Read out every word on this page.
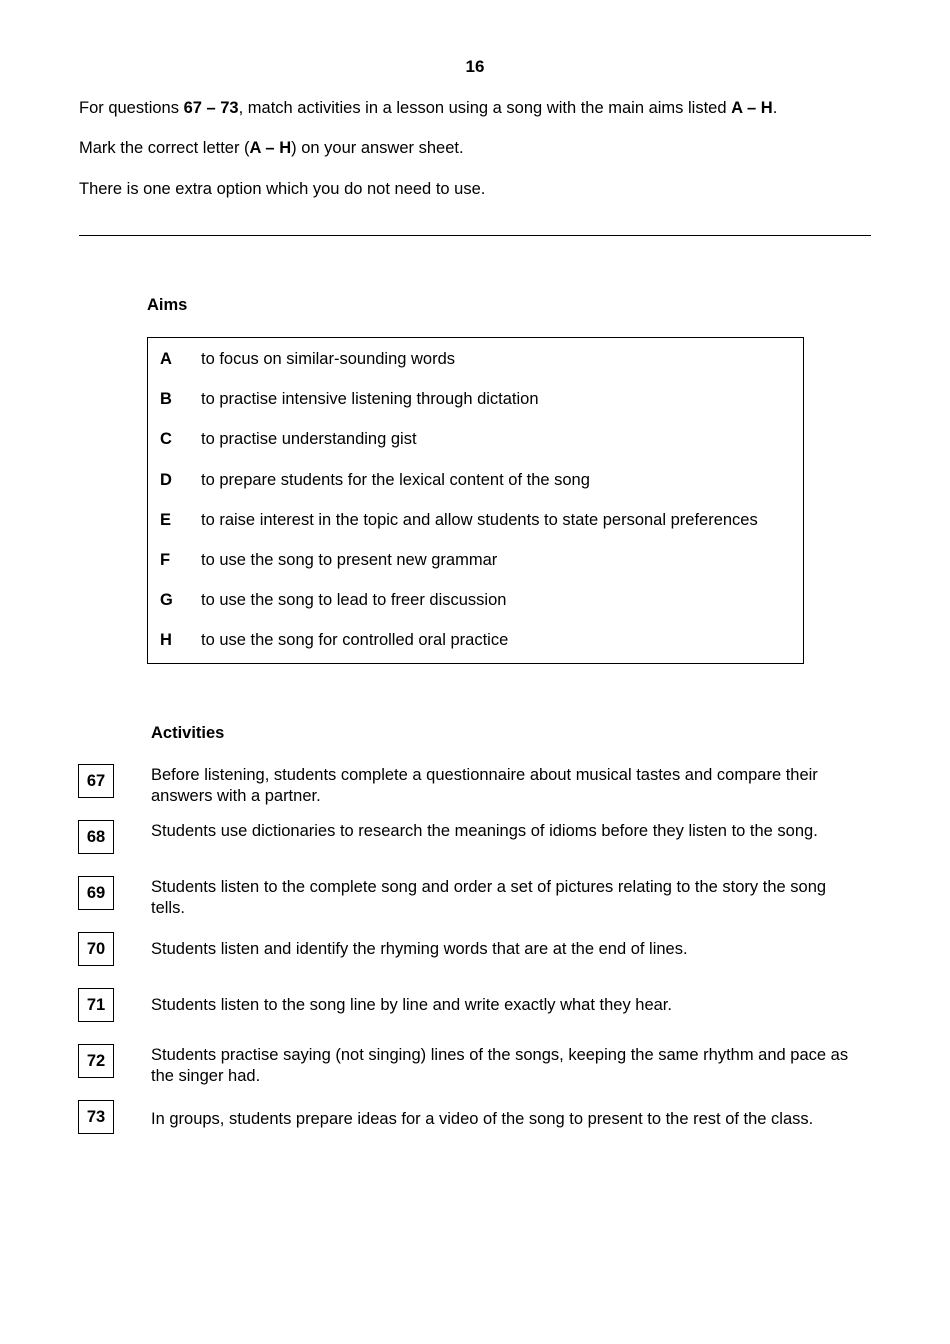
16
For questions 67 – 73, match activities in a lesson using a song with the main aims listed A – H.
Mark the correct letter (A – H) on your answer sheet.
There is one extra option which you do not need to use.
Aims
A to focus on similar-sounding words
B to practise intensive listening through dictation
C to practise understanding gist
D to prepare students for the lexical content of the song
E to raise interest in the topic and allow students to state personal preferences
F to use the song to present new grammar
G to use the song to lead to freer discussion
H to use the song for controlled oral practice
Activities
67	Before listening, students complete a questionnaire about musical tastes and compare their answers with a partner.
68	Students use dictionaries to research the meanings of idioms before they listen to the song.
69	Students listen to the complete song and order a set of pictures relating to the story the song tells.
70	Students listen and identify the rhyming words that are at the end of lines.
71	Students listen to the song line by line and write exactly what they hear.
72	Students practise saying (not singing) lines of the songs, keeping the same rhythm and pace as the singer had.
73	In groups, students prepare ideas for a video of the song to present to the rest of the class.
